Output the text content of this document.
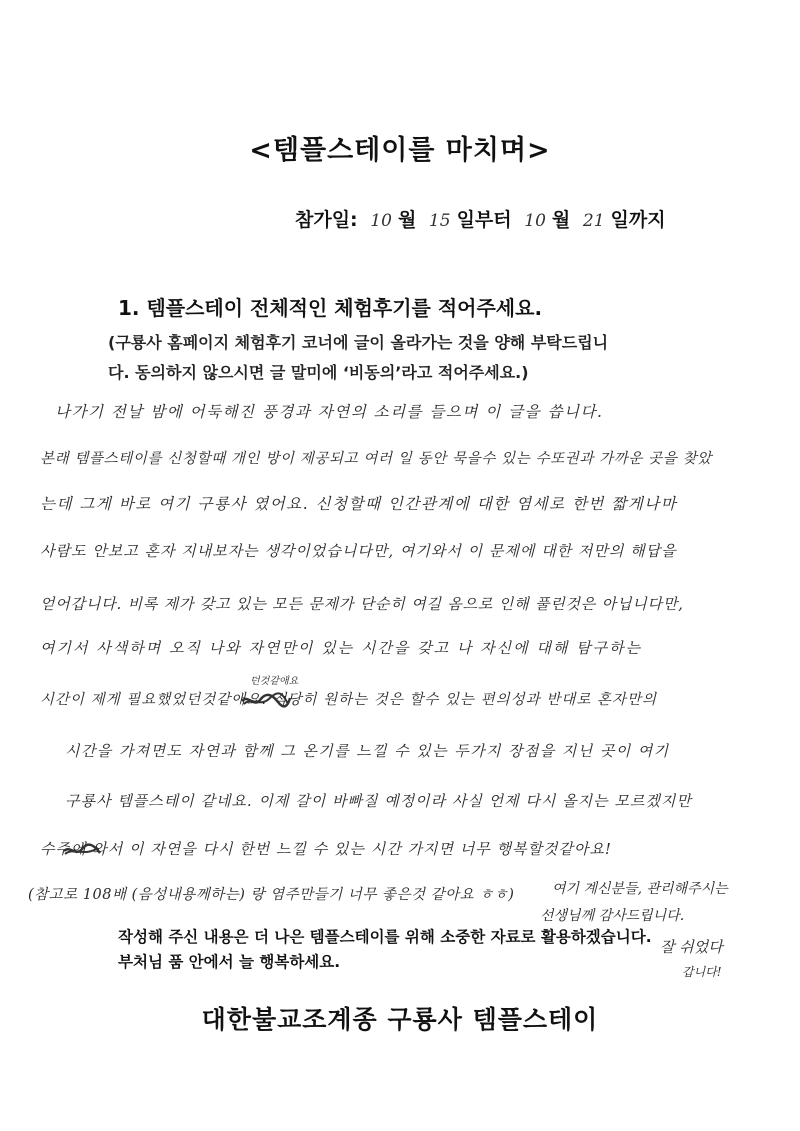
<템플스테이를 마치며>
참가일: 10 월 15 일부터 10 월 21 일까지
1. 템플스테이 전체적인 체험후기를 적어주세요.
(구룡사 홈페이지 체험후기 코너에 글이 올라가는 것을 양해 부탁드립니
다. 동의하지 않으시면 글 말미에 ‘비동의’라고 적어주세요.)
나가기 전날 밤에 어둑해진 풍경과 자연의 소리를 들으며 이 글을 씁니다.
본래 템플스테이를 신청할때 개인 방이 제공되고 여러 일 동안 묵을수 있는 수또권과 가까운 곳을 찾았
는데 그게 바로 여기 구룡사 였어요. 신청할때 인간관계에 대한 염세로 한번 짧게나마
사람도 안보고 혼자 지내보자는 생각이었습니다만, 여기와서 이 문제에 대한 저만의 해답을
얻어갑니다. 비록 제가 갖고 있는 모든 문제가 단순히 여길 옴으로 인해 풀린것은 아닙니다만,
여기서 사색하며 오직 나와 자연만이 있는 시간을 갖고 나 자신에 대해 탐구하는
던것같애요
시간이 제게 필요했었던것같애요. 적당히 원하는 것은 할수 있는 편의성과 반대로 혼자만의
시간을 가져면도 자연과 함께 그 온기를 느낄 수 있는 두가지 장점을 지닌 곳이 여기
구룡사 템플스테이 같네요. 이제 갈이 바빠질 예정이라 사실 언제 다시 올지는 모르겠지만
수주에 와서 이 자연을 다시 한번 느낄 수 있는 시간 가지면 너무 행복할것같아요!
(참고로 108배 (음성내용께하는) 랑 염주만들기 너무 좋은것 같아요 ㅎㅎ)	여기 계신분들, 관리해주시는
선생님께 감사드립니다.
잘 쉬었다
갑니다!
작성해 주신 내용은 더 나은 템플스테이를 위해 소중한 자료로 활용하겠습니다.
부처님 품 안에서 늘 행복하세요.
대한불교조계종 구룡사 템플스테이
